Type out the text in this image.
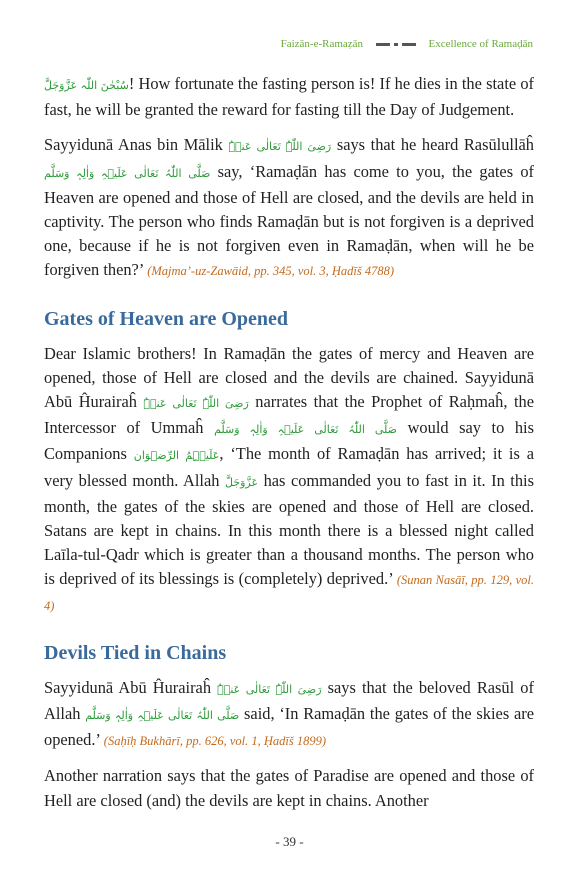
Faizān-e-Ramaẓān	Excellence of Ramaḍān

سُبْحٰنَ اللّٰہ عَزَّوَجَلَّ! How fortunate the fasting person is! If he dies in the state of fast, he will be granted the reward for fasting till the Day of Judgement.

Sayyidunā Anas bin Mālik رَضِیَ اللّٰہُ تَعَالٰی عَنۡہُ says that he heard Rasūlullāĥ صَلَّی اللّٰہُ تَعَالٰی عَلَیۡہِ وَاٰلِہٖ وَسَلَّم say, ‘Ramaḍān has come to you, the gates of Heaven are opened and those of Hell are closed, and the devils are held in captivity. The person who finds Ramaḍān but is not forgiven is a deprived one, because if he is not forgiven even in Ramaḍān, when will he be forgiven then?’ (Majma’-uz-Zawāid, pp. 345, vol. 3, Ḥadīš 4788)

Gates of Heaven are Opened

Dear Islamic brothers! In Ramaḍān the gates of mercy and Heaven are opened, those of Hell are closed and the devils are chained. Sayyidunā Abū Ĥurairaĥ رَضِیَ اللّٰہُ تَعَالٰی عَنۡہُ narrates that the Prophet of Raḥmaĥ, the Intercessor of Ummaĥ صَلَّی اللّٰہُ تَعَالٰی عَلَیۡہِ وَاٰلِہٖ وَسَلَّم would say to his Companions عَلَیۡہِمُ الرِّضۡوَان, ‘The month of Ramaḍān has arrived; it is a very blessed month. Allah عَزَّوَجَلَّ has commanded you to fast in it. In this month, the gates of the skies are opened and those of Hell are closed. Satans are kept in chains. In this month there is a blessed night called Laīla-tul-Qadr which is greater than a thousand months. The person who is deprived of its blessings is (completely) deprived.’ (Sunan Nasāī, pp. 129, vol. 4)

Devils Tied in Chains

Sayyidunā Abū Ĥurairaĥ رَضِیَ اللّٰہُ تَعَالٰی عَنۡہُ says that the beloved Rasūl of Allah صَلَّی اللّٰہُ تَعَالٰی عَلَیۡہِ وَاٰلِہٖ وَسَلَّم said, ‘In Ramaḍān the gates of the skies are opened.’ (Saḥīḥ Bukhārī, pp. 626, vol. 1, Ḥadīš 1899)

Another narration says that the gates of Paradise are opened and those of Hell are closed (and) the devils are kept in chains. Another

- 39 -
